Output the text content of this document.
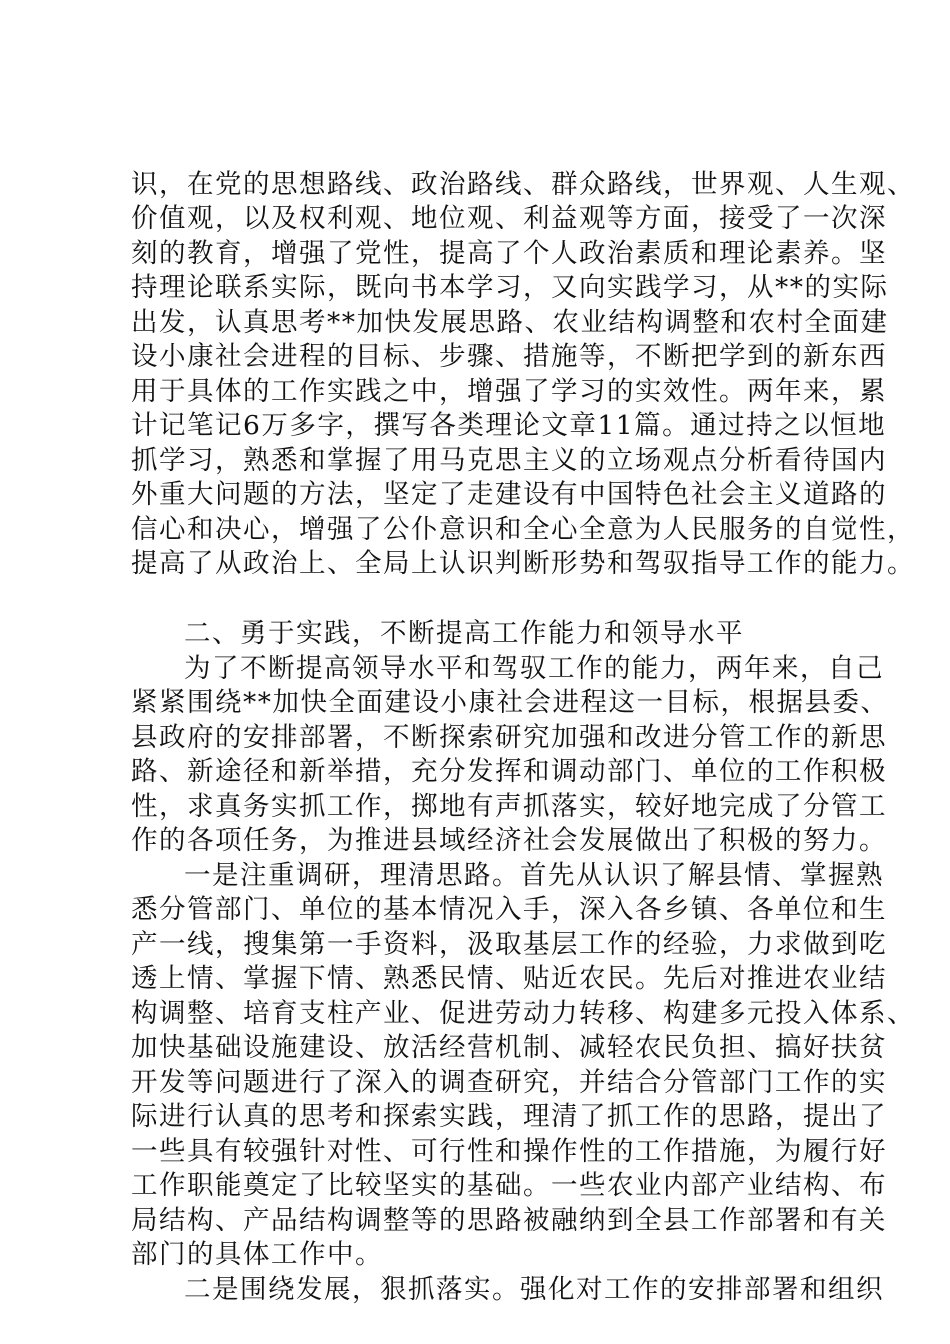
识，在党的思想路线、政治路线、群众路线，世界观、人生观、
价值观，以及权利观、地位观、利益观等方面，接受了一次深
刻的教育，增强了党性，提高了个人政治素质和理论素养。坚
持理论联系实际，既向书本学习，又向实践学习，从**的实际
出发，认真思考**加快发展思路、农业结构调整和农村全面建
设小康社会进程的目标、步骤、措施等，不断把学到的新东西
用于具体的工作实践之中，增强了学习的实效性。两年来，累
计记笔记6万多字，撰写各类理论文章11篇。通过持之以恒地
抓学习，熟悉和掌握了用马克思主义的立场观点分析看待国内
外重大问题的方法，坚定了走建设有中国特色社会主义道路的
信心和决心，增强了公仆意识和全心全意为人民服务的自觉性，
提高了从政治上、全局上认识判断形势和驾驭指导工作的能力。
二、勇于实践，不断提高工作能力和领导水平
为了不断提高领导水平和驾驭工作的能力，两年来，自己
紧紧围绕**加快全面建设小康社会进程这一目标，根据县委、
县政府的安排部署，不断探索研究加强和改进分管工作的新思
路、新途径和新举措，充分发挥和调动部门、单位的工作积极
性，求真务实抓工作，掷地有声抓落实，较好地完成了分管工
作的各项任务，为推进县域经济社会发展做出了积极的努力。
一是注重调研，理清思路。首先从认识了解县情、掌握熟
悉分管部门、单位的基本情况入手，深入各乡镇、各单位和生
产一线，搜集第一手资料，汲取基层工作的经验，力求做到吃
透上情、掌握下情、熟悉民情、贴近农民。先后对推进农业结
构调整、培育支柱产业、促进劳动力转移、构建多元投入体系、
加快基础设施建设、放活经营机制、减轻农民负担、搞好扶贫
开发等问题进行了深入的调查研究，并结合分管部门工作的实
际进行认真的思考和探索实践，理清了抓工作的思路，提出了
一些具有较强针对性、可行性和操作性的工作措施，为履行好
工作职能奠定了比较坚实的基础。一些农业内部产业结构、布
局结构、产品结构调整等的思路被融纳到全县工作部署和有关
部门的具体工作中。
二是围绕发展，狠抓落实。强化对工作的安排部署和组织
